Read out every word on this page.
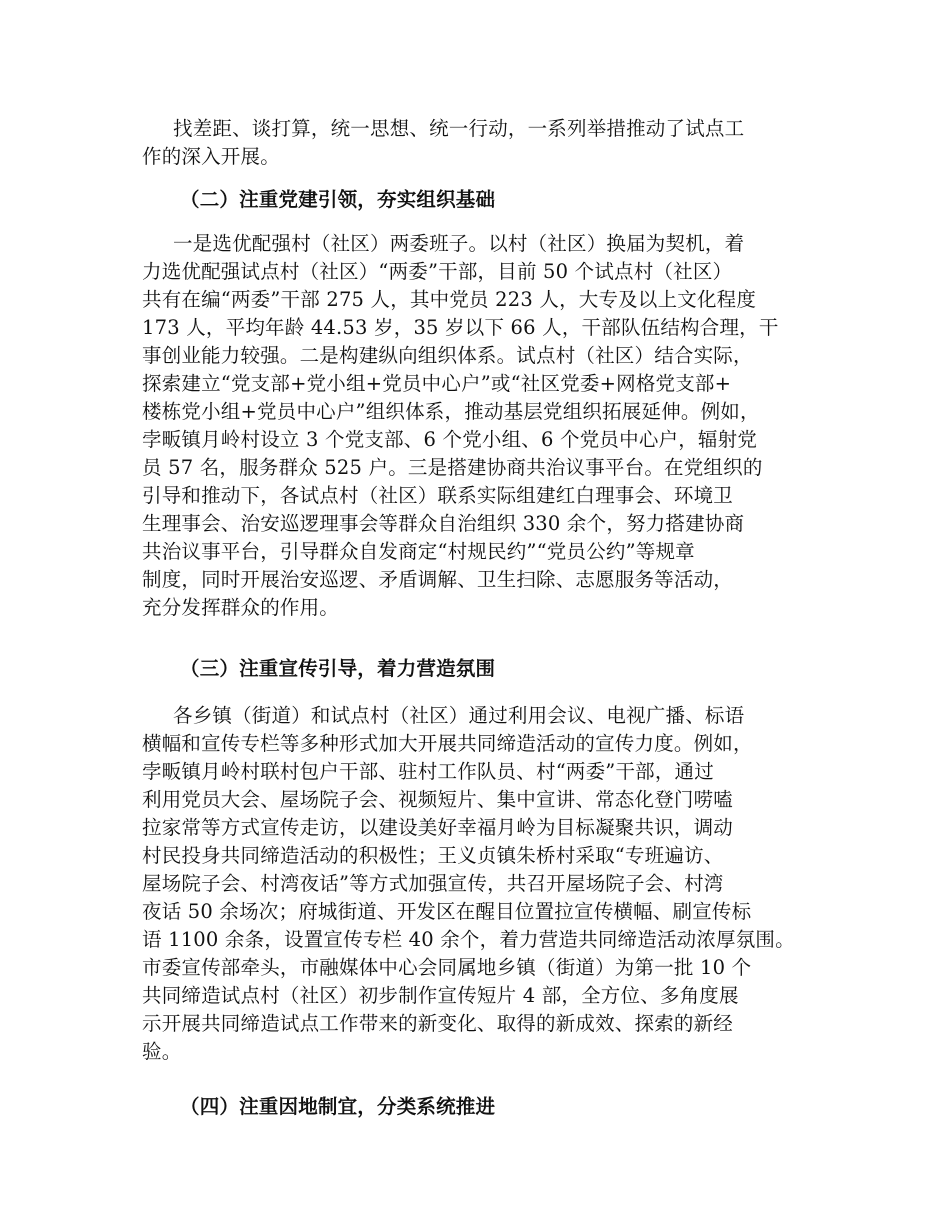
找差距、谈打算，统一思想、统一行动，一系列举措推动了试点工
作的深入开展。
（二）注重党建引领，夯实组织基础
一是选优配强村（社区）两委班子。以村（社区）换届为契机，着
力选优配强试点村（社区）“两委”干部，目前 50 个试点村（社区）
共有在编“两委”干部 275 人，其中党员 223 人，大专及以上文化程度
173 人，平均年龄 44.53 岁，35 岁以下 66 人，干部队伍结构合理，干
事创业能力较强。二是构建纵向组织体系。试点村（社区）结合实际，
探索建立“党支部+党小组+党员中心户”或“社区党委+网格党支部+
楼栋党小组+党员中心户”组织体系，推动基层党组织拓展延伸。例如，
孛畈镇月岭村设立 3 个党支部、6 个党小组、6 个党员中心户，辐射党
员 57 名，服务群众 525 户。三是搭建协商共治议事平台。在党组织的
引导和推动下，各试点村（社区）联系实际组建红白理事会、环境卫
生理事会、治安巡逻理事会等群众自治组织 330 余个，努力搭建协商
共治议事平台，引导群众自发商定“村规民约”“党员公约”等规章
制度，同时开展治安巡逻、矛盾调解、卫生扫除、志愿服务等活动，
充分发挥群众的作用。
（三）注重宣传引导，着力营造氛围
各乡镇（街道）和试点村（社区）通过利用会议、电视广播、标语
横幅和宣传专栏等多种形式加大开展共同缔造活动的宣传力度。例如，
孛畈镇月岭村联村包户干部、驻村工作队员、村“两委”干部，通过
利用党员大会、屋场院子会、视频短片、集中宣讲、常态化登门唠嗑
拉家常等方式宣传走访，以建设美好幸福月岭为目标凝聚共识，调动
村民投身共同缔造活动的积极性；王义贞镇朱桥村采取“专班遍访、
屋场院子会、村湾夜话”等方式加强宣传，共召开屋场院子会、村湾
夜话 50 余场次；府城街道、开发区在醒目位置拉宣传横幅、刷宣传标
语 1100 余条，设置宣传专栏 40 余个，着力营造共同缔造活动浓厚氛围。
市委宣传部牵头，市融媒体中心会同属地乡镇（街道）为第一批 10 个
共同缔造试点村（社区）初步制作宣传短片 4 部，全方位、多角度展
示开展共同缔造试点工作带来的新变化、取得的新成效、探索的新经
验。
（四）注重因地制宜，分类系统推进
